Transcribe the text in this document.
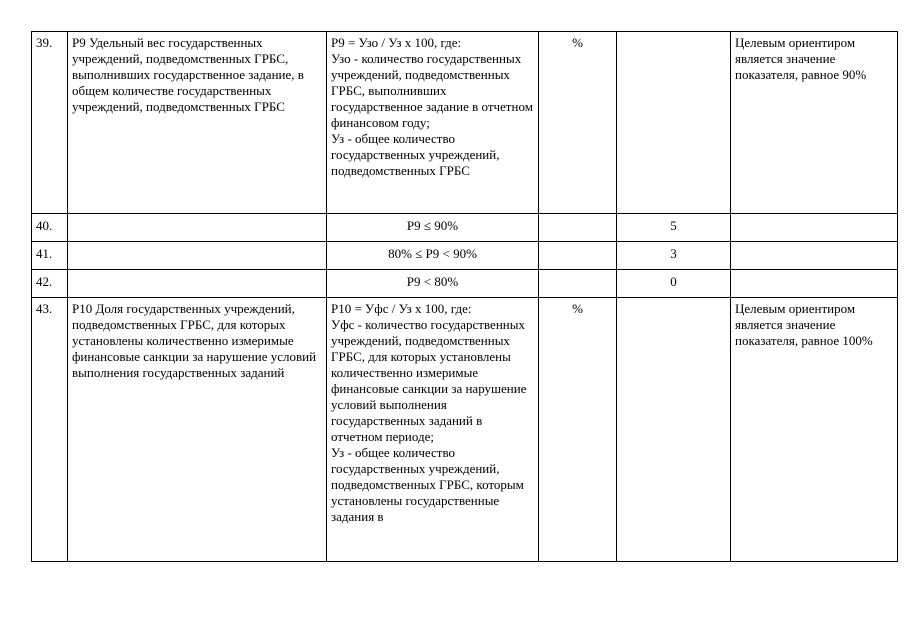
39.	Р9 Удельный вес государственных учреждений, подведомственных ГРБС, выполнивших государственное задание, в общем количестве государственных учреждений, подведомственных ГРБС	Р9 = Узо / Уз х 100, где:
Узо - количество государственных учреждений, подведомственных ГРБС, выполнивших государственное задание в отчетном финансовом году;
Уз - общее количество государственных учреждений, подведомственных ГРБС	%		Целевым ориентиром является значение показателя, равное 90%
40.		Р9 ≤ 90%		5	
41.		80% ≤ Р9 < 90%		3	
42.		Р9 < 80%		0	
43.	Р10 Доля государственных учреждений, подведомственных ГРБС, для которых установлены количественно измеримые финансовые санкции за нарушение условий выполнения государственных заданий	Р10 = Уфс / Уз х 100, где:
Уфс - количество государственных учреждений, подведомственных ГРБС, для которых установлены количественно измеримые финансовые санкции за нарушение условий выполнения государственных заданий в отчетном периоде;
Уз - общее количество государственных учреждений, подведомственных ГРБС, которым установлены государственные задания в	%		Целевым ориентиром является значение показателя, равное 100%
